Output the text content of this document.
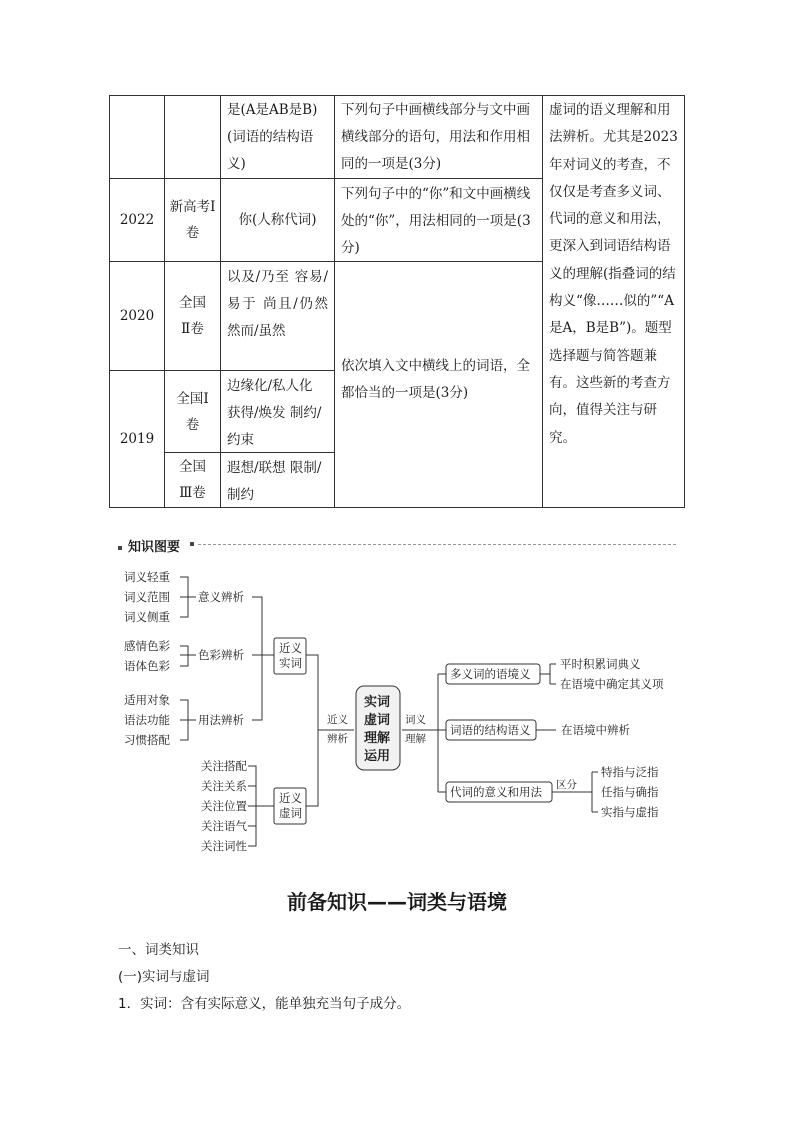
是(A是AB是B)(词语的结构语义)
下列句子中画横线部分与文中画横线部分的语句，用法和作用相同的一项是(3分)
2022
新高考Ⅰ卷
你(人称代词)
下列句子中的“你”和文中画横线处的“你”，用法相同的一项是(3分)
2020
全国Ⅱ卷
以及/乃至 容易/易于 尚且/仍然 然而/虽然
2019
全国Ⅰ卷
边缘化/私人化 获得/焕发 制约/约束
全国Ⅲ卷
遐想/联想 限制/制约
依次填入文中横线上的词语，全都恰当的一项是(3分)
虚词的语义理解和用法辨析。尤其是2023年对词义的考查，不仅仅是考查多义词、代词的意义和用法，更深入到词语结构语义的理解(指叠词的结构义“像……似的”“A是A，B是B”)。题型选择题与简答题兼有。这些新的考查方向，值得关注与研究。
知识图要
词义轻重
词义范围
词义侧重
意义辨析
感情色彩
语体色彩
色彩辨析
适用对象
语法功能
习惯搭配
用法辨析
关注搭配
关注关系
关注位置
关注语气
关注词性
近义
实词
近义
虚词
近义
辨析
实词
虚词
理解
运用
词义
理解
多义词的语境义
平时积累词典义
在语境中确定其义项
词语的结构语义	在语境中辨析
代词的意义和用法 区分
特指与泛指
任指与确指
实指与虚指
前备知识——词类与语境
一、词类知识
(一)实词与虚词
1．实词：含有实际意义，能单独充当句子成分。
